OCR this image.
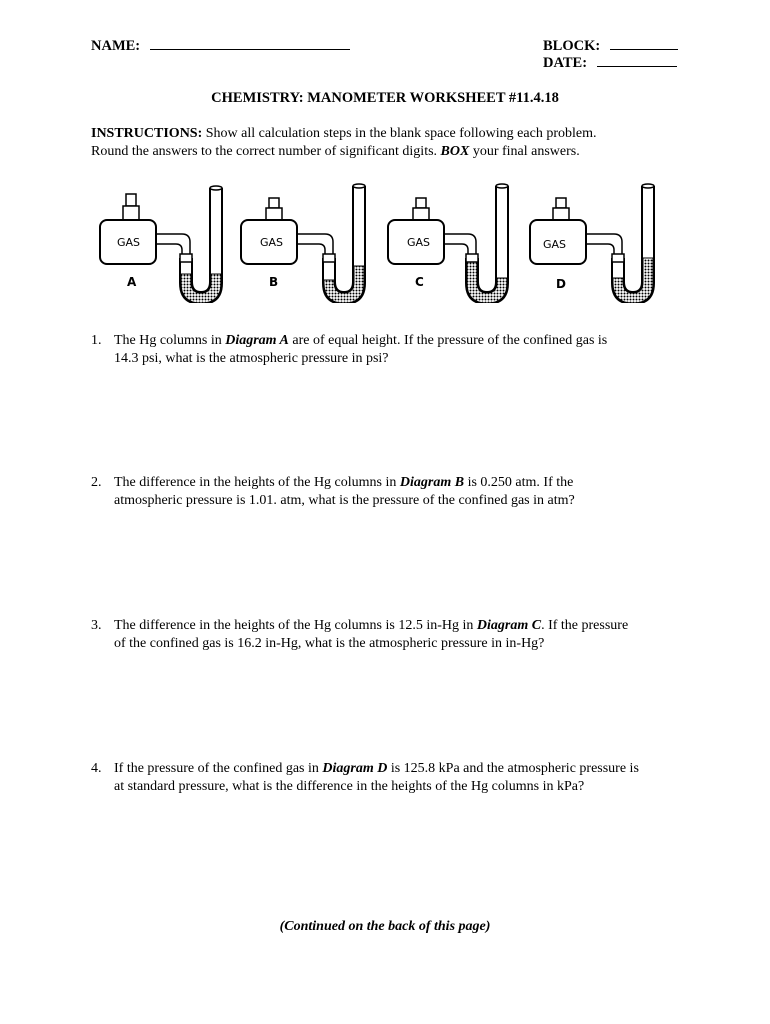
NAME:	BLOCK:
DATE:
CHEMISTRY: MANOMETER WORKSHEET #11.4.18
INSTRUCTIONS: Show all calculation steps in the blank space following each problem.
Round the answers to the correct number of significant digits. BOX your final answers.
GAS
A
GAS
B
GAS
C
GAS
D
1. The Hg columns in Diagram A are of equal height. If the pressure of the confined gas is
14.3 psi, what is the atmospheric pressure in psi?
2. The difference in the heights of the Hg columns in Diagram B is 0.250 atm. If the
atmospheric pressure is 1.01. atm, what is the pressure of the confined gas in atm?
3. The difference in the heights of the Hg columns is 12.5 in-Hg in Diagram C. If the pressure
of the confined gas is 16.2 in-Hg, what is the atmospheric pressure in in-Hg?
4. If the pressure of the confined gas in Diagram D is 125.8 kPa and the atmospheric pressure is
at standard pressure, what is the difference in the heights of the Hg columns in kPa?
(Continued on the back of this page)
